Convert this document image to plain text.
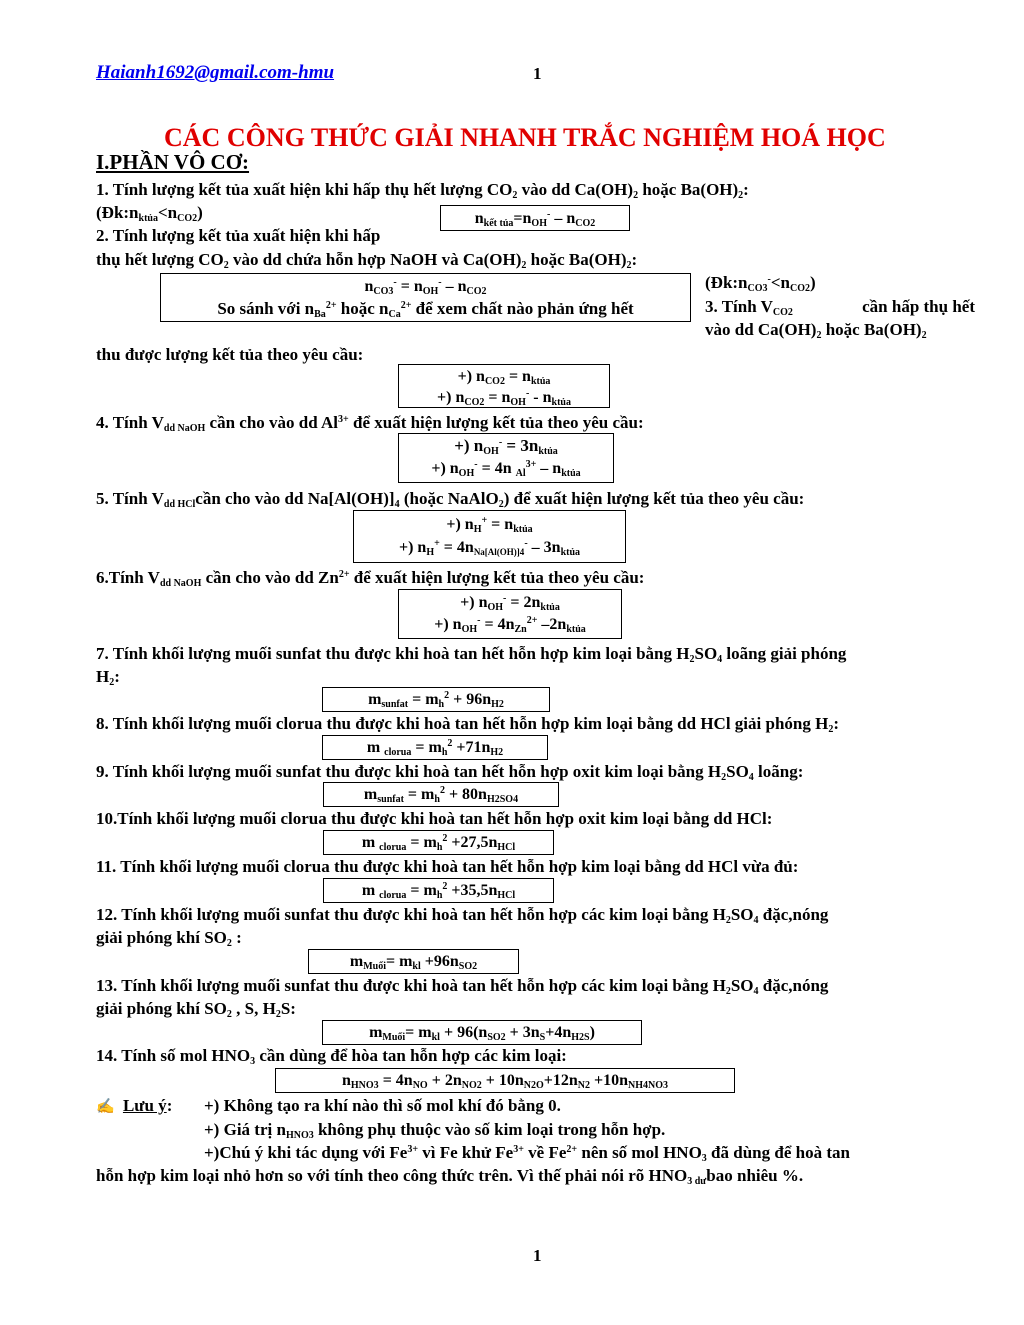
Haianh1692@gmail.com-hmu	1
CÁC CÔNG THỨC GIẢI NHANH TRẮC NGHIỆM HOÁ HỌC
I.PHẦN VÔ CƠ:
1. Tính lượng kết tủa xuất hiện khi hấp thụ hết lượng $CO_2$ vào dd $Ca(OH)_2$ hoặc $Ba(OH)_2$:
$(Đk:n_{ktủa}<n_{CO2})$	$n_{kết tủa}=n_{OH}^- - n_{CO2}$
2. Tính lượng kết tủa xuất hiện khi hấp
thụ hết lượng $CO_2$ vào dd chứa hỗn hợp NaOH và $Ca(OH)_2$ hoặc $Ba(OH)_2$:
$n_{CO3}^- = n_{OH}^- - n_{CO2}$
So sánh với $n_{Ba}^{2+}$ hoặc $n_{Ca}^{2+}$ để xem chất nào phản ứng hết
$(Đk:n_{CO3}^-<n_{CO2})$
3. Tính $V_{CO2}$	cần hấp thụ hết
vào dd $Ca(OH)_2$ hoặc $Ba(OH)_2$
thu được lượng kết tủa theo yêu cầu:
+) $n_{CO2} = n_{ktủa}$
+) $n_{CO2} = n_{OH}^- - n_{ktủa}$
4. Tính $V_{dd NaOH}$ cần cho vào dd $Al^{3+}$ để xuất hiện lượng kết tủa theo yêu cầu:
+) $n_{OH}^- = 3n_{ktủa}$
+) $n_{OH}^- = 4n$ $_{Al}^{3+} - n_{ktủa}$
5. Tính $V_{dd HCl}cần$ cho vào dd $Na[Al(OH)]_4$ (hoặc NaAlO$_2$) để xuất hiện lượng kết tủa theo yêu cầu:
+) $n_H^+ = n_{ktủa}$
+) $n_H^+ = 4n_{Na[Al(OH)]4}^- - 3n_{ktủa}$
6.Tính $V_{dd NaOH}$ cần cho vào dd $Zn^{2+}$ để xuất hiện lượng kết tủa theo yêu cầu:
+) $n_{OH}^- = 2n_{ktủa}$
+) $n_{OH}^- = 4n_{Zn}^{2+}$ $-2n_{ktủa}$
7. Tính khối lượng muối sunfat thu được khi hoà tan hết hỗn hợp kim loại bằng $H_2SO_4$ loãng giải phóng
$H_2$:
$m_{sunfat} = m_h^2 + 96n_{H2}$
8. Tính khối lượng muối clorua thu được khi hoà tan hết hỗn hợp kim loại bằng dd HCl giải phóng $H_2$:
m $_{clorua} = m_h^2 +71n_{H2}$
9. Tính khối lượng muối sunfat thu được khi hoà tan hết hỗn hợp oxit kim loại bằng $H_2SO_4$ loãng:
$m_{sunfat} = m_h^2 + 80n_{H2SO4}$
10.Tính khối lượng muối clorua thu được khi hoà tan hết hỗn hợp oxit kim loại bằng dd HCl:
m $_{clorua} = m_h^2 +27,5n_{HCl}$
11. Tính khối lượng muối clorua thu được khi hoà tan hết hỗn hợp kim loại bằng dd HCl vừa đủ:
m $_{clorua} = m_h^2 +35,5n_{HCl}$
12. Tính khối lượng muối sunfat thu được khi hoà tan hết hỗn hợp các kim loại bằng $H_2SO_4$ đặc,nóng
giải phóng khí $SO_2$ :
$m_{Muối}= m_{kl} +96n_{SO2}$
13. Tính khối lượng muối sunfat thu được khi hoà tan hết hỗn hợp các kim loại bằng $H_2SO_4$ đặc,nóng
giải phóng khí $SO_2$ , S, $H_2S$:
$m_{Muối}= m_{kl} + 96(n_{SO2} + 3n_S+4n_{H2S})$
14. Tính số mol $HNO_3$ cần dùng để hòa tan hỗn hợp các kim loại:
$n_{HNO3} = 4n_{NO} + 2n_{NO2} + 10n_{N2O}+12n_{N2} +10n_{NH4NO3}$
✍ Lưu ý: +) Không tạo ra khí nào thì số mol khí đó bằng 0.
+) Giá trị $n_{HNO3}$ không phụ thuộc vào số kim loại trong hỗn hợp.
+)Chú ý khi tác dụng với $Fe^{3+}$ vì Fe khử $Fe^{3+}$ về $Fe^{2+}$ nên số mol $HNO_3$ đã dùng để hoà tan
hỗn hợp kim loại nhỏ hơn so với tính theo công thức trên. Vì thế phải nói rõ $HNO_{3 dư}bao$ nhiêu %.
1
